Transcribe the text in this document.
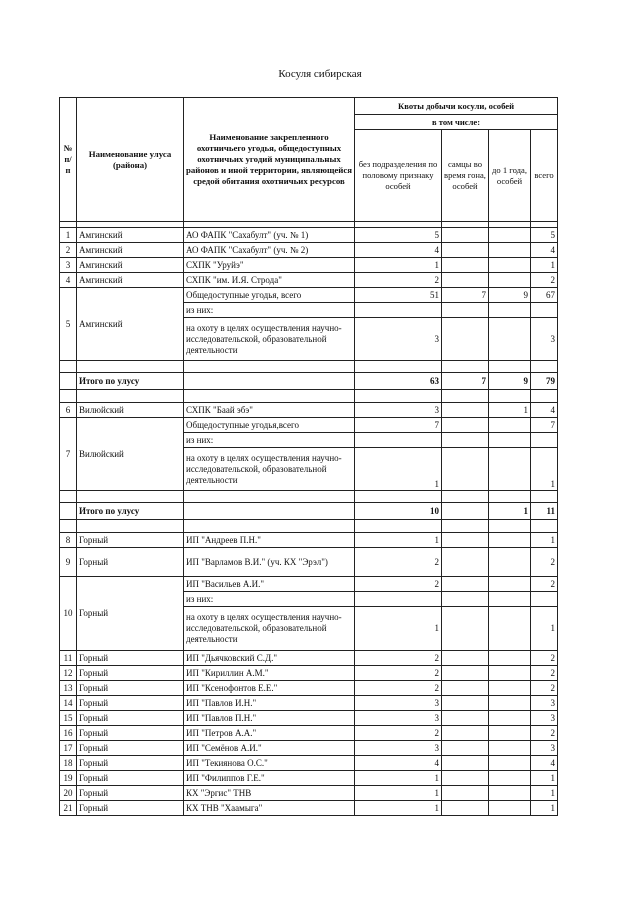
Косуля сибирская
№ п/п	Наименование улуса (района)	Наименование закрепленного охотничьего угодья, общедоступных охотничьих угодий муниципальных районов и иной территории, являющейся средой обитания охотничьих ресурсов	Квоты добычи косули, особей			
			в том числе:			
			без подразделения по половому признаку особей	самцы во время гона, особей	до 1 года, особей	всего

1	Амгинский	АО ФАПК "Сахабулт" (уч. № 1)	5			5
2	Амгинский	АО ФАПК "Сахабулт" (уч. № 2)	4			4
3	Амгинский	СХПК "Уруйэ"	1			1
4	Амгинский	СХПК "им. И.Я. Строда"	2			2
5	Амгинский	Общедоступные угодья, всего	51	7	9	67
		из них:				
		на охоту в целях осуществления научно-исследовательской, образовательной деятельности	3			3

	Итого по улусу		63	7	9	79

6	Вилюйский	СХПК "Баай эбэ"	3		1	4
7	Вилюйский	Общедоступные угодья,всего	7			7
		из них:				
		на охоту в целях осуществления научно-исследовательской, образовательной деятельности	1			1

	Итого по улусу		10		1	11

8	Горный	ИП "Андреев П.Н."	1			1
9	Горный	ИП "Варламов В.И." (уч. КХ "Эрэл")	2			2
10	Горный	ИП "Васильев А.И."	2			2
		из них:				
		на охоту в целях осуществления научно-исследовательской, образовательной деятельности	1			1
11	Горный	ИП "Дьячковский С.Д."	2			2
12	Горный	ИП "Кириллин А.М."	2			2
13	Горный	ИП "Ксенофонтов Е.Е."	2			2
14	Горный	ИП "Павлов И.Н."	3			3
15	Горный	ИП "Павлов П.Н."	3			3
16	Горный	ИП "Петров А.А."	2			2
17	Горный	ИП "Семёнов А.И."	3			3
18	Горный	ИП "Текиянова О.С."	4			4
19	Горный	ИП "Филиппов Г.Е."	1			1
20	Горный	КХ "Эргис" ТНВ	1			1
21	Горный	КХ ТНВ "Хаамыга"	1			1
